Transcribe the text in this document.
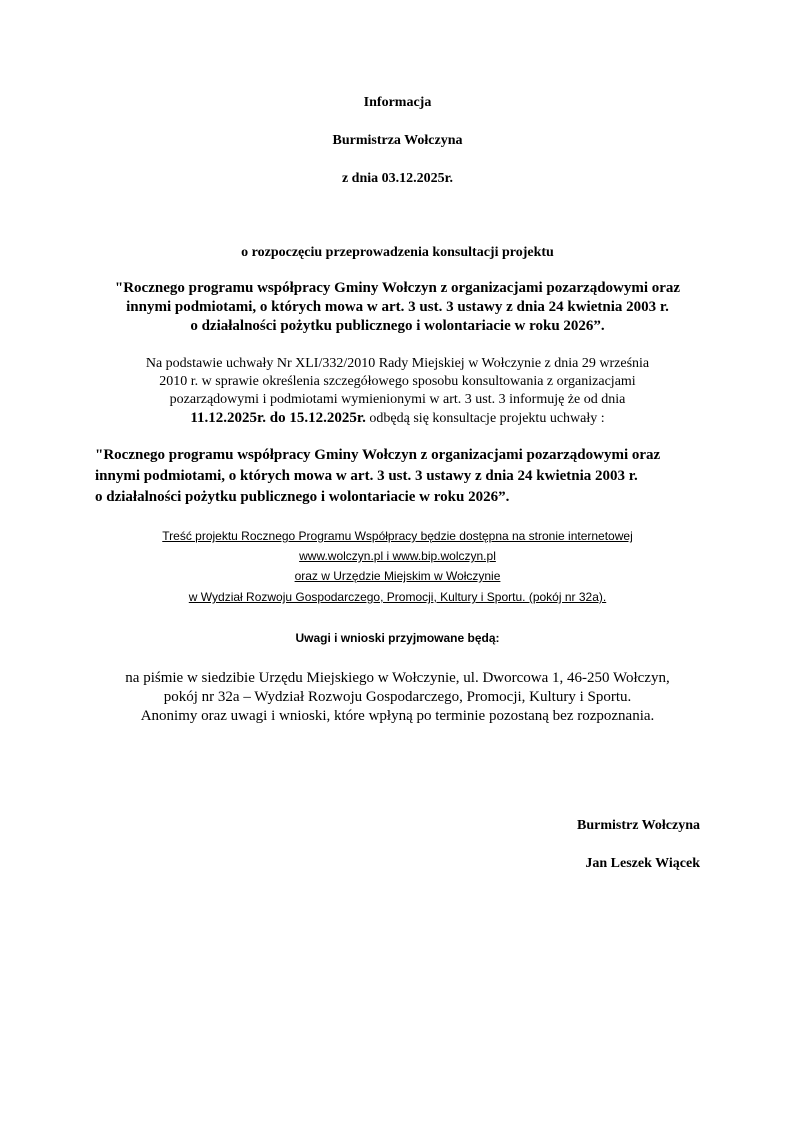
Informacja
Burmistrza Wołczyna
z dnia 03.12.2025r.
o rozpoczęciu przeprowadzenia konsultacji projektu
"Rocznego programu współpracy Gminy Wołczyn z organizacjami pozarządowymi oraz
innymi podmiotami, o których mowa w art. 3 ust. 3 ustawy z dnia 24 kwietnia 2003 r.
o działalności pożytku publicznego i wolontariacie w roku 2026”.
Na podstawie uchwały Nr XLI/332/2010 Rady Miejskiej w Wołczynie z dnia 29 września
2010 r. w sprawie określenia szczegółowego sposobu konsultowania z organizacjami
pozarządowymi i podmiotami wymienionymi w art. 3 ust. 3 informuję że od dnia
11.12.2025r. do 15.12.2025r. odbędą się konsultacje projektu uchwały :
"Rocznego programu współpracy Gminy Wołczyn z organizacjami pozarządowymi oraz
innymi podmiotami, o których mowa w art. 3 ust. 3 ustawy z dnia 24 kwietnia 2003 r.
o działalności pożytku publicznego i wolontariacie w roku 2026”.
Treść projektu Rocznego Programu Współpracy będzie dostępna na stronie internetowej
www.wolczyn.pl i www.bip.wolczyn.pl
oraz w Urzędzie Miejskim w Wołczynie
w Wydział Rozwoju Gospodarczego, Promocji, Kultury i Sportu. (pokój nr 32a).
Uwagi i wnioski przyjmowane będą:
na piśmie w siedzibie Urzędu Miejskiego w Wołczynie, ul. Dworcowa 1, 46-250 Wołczyn,
pokój nr 32a – Wydział Rozwoju Gospodarczego, Promocji, Kultury i Sportu.
Anonimy oraz uwagi i wnioski, które wpłyną po terminie pozostaną bez rozpoznania.
Burmistrz Wołczyna
Jan Leszek Wiącek
